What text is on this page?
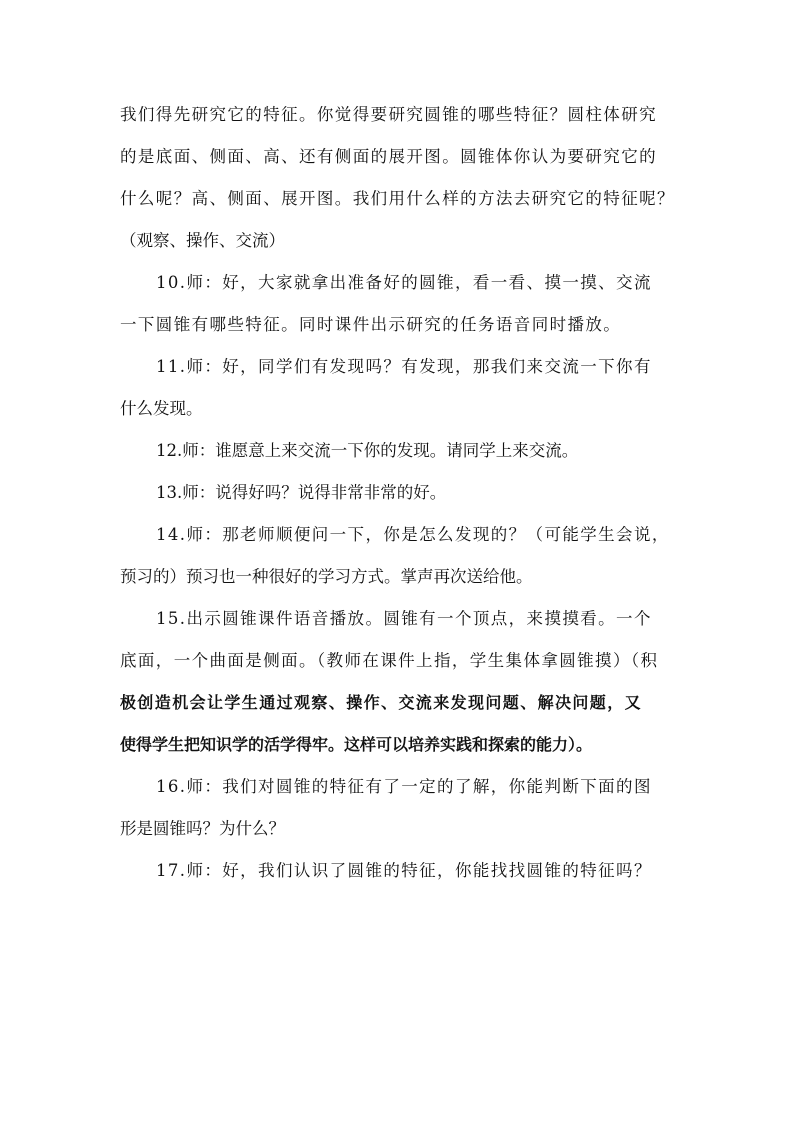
我们得先研究它的特征。你觉得要研究圆锥的哪些特征？圆柱体研究
的是底面、侧面、高、还有侧面的展开图。圆锥体你认为要研究它的
什么呢？高、侧面、展开图。我们用什么样的方法去研究它的特征呢？
（观察、操作、交流）
10.师：好，大家就拿出准备好的圆锥，看一看、摸一摸、交流
一下圆锥有哪些特征。同时课件出示研究的任务语音同时播放。
11.师：好，同学们有发现吗？有发现，那我们来交流一下你有
什么发现。
12.师：谁愿意上来交流一下你的发现。请同学上来交流。
13.师：说得好吗？说得非常非常的好。
14.师：那老师顺便问一下，你是怎么发现的？（可能学生会说，
预习的）预习也一种很好的学习方式。掌声再次送给他。
15.出示圆锥课件语音播放。圆锥有一个顶点，来摸摸看。一个
底面，一个曲面是侧面。（教师在课件上指，学生集体拿圆锥摸）（积
极创造机会让学生通过观察、操作、交流来发现问题、解决问题，又
使得学生把知识学的活学得牢。这样可以培养实践和探索的能力）。
16.师：我们对圆锥的特征有了一定的了解，你能判断下面的图
形是圆锥吗？为什么？
17.师：好，我们认识了圆锥的特征，你能找找圆锥的特征吗？
